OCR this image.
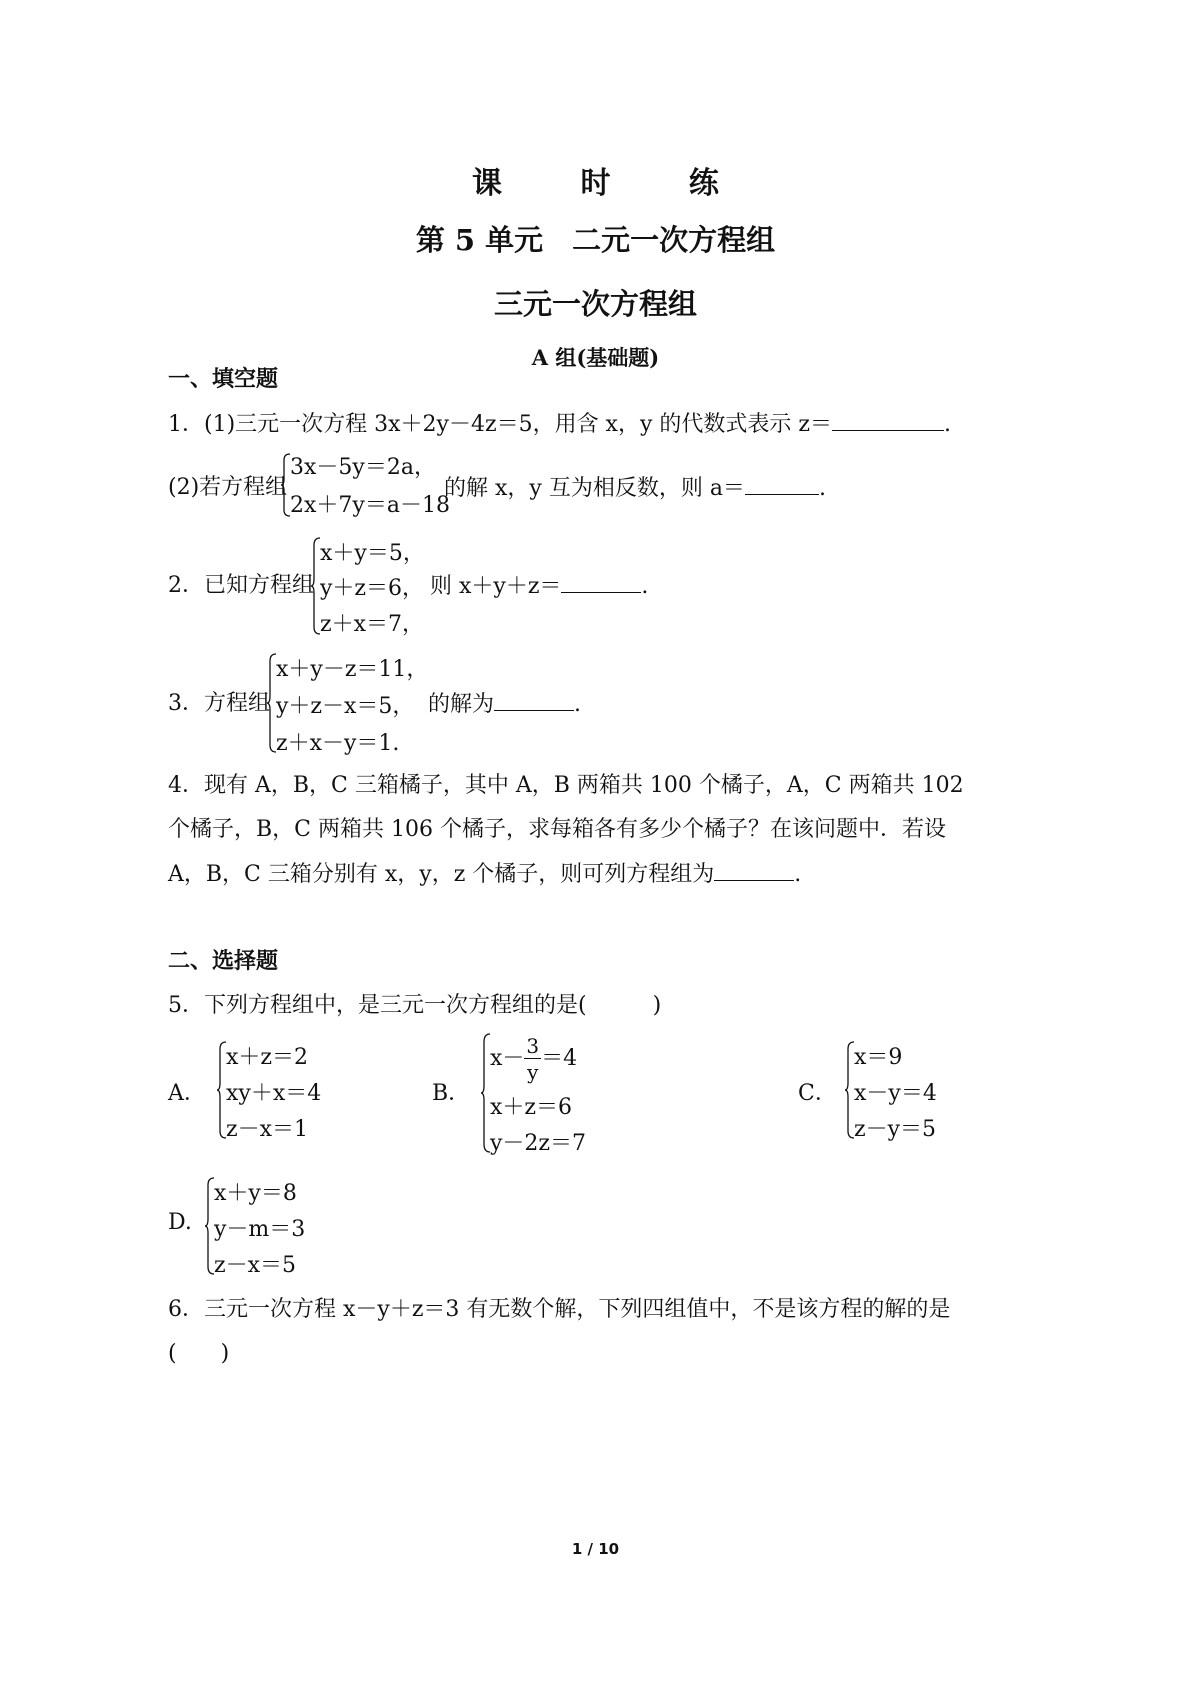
课 时 练
第 5 单元　二元一次方程组
三元一次方程组
A 组(基础题)
一、填空题
1．(1)三元一次方程 3x＋2y－4z＝5，用含 x，y 的代数式表示 z＝	.
(2)若方程组
3x－5y＝2a，
2x＋7y＝a－18
的解 x，y 互为相反数，则 a＝	.
2．已知方程组
x＋y＝5，
y＋z＝6，
z＋x＝7，
则 x＋y＋z＝	.
3．方程组
x＋y－z＝11，
y＋z－x＝5，
z＋x－y＝1.
的解为	.
4．现有 A，B，C 三箱橘子，其中 A，B 两箱共 100 个橘子，A，C 两箱共 102
个橘子，B，C 两箱共 106 个橘子，求每箱各有多少个橘子？在该问题中．若设
A，B，C 三箱分别有 x，y，z 个橘子，则可列方程组为	.
二、选择题
5．下列方程组中，是三元一次方程组的是(　　　)
A．
x＋z＝2
xy＋x＝4
z－x＝1
B．
$x- \frac{3}{y} =4$
x＋z＝6
y－2z＝7
C．
x＝9
x－y＝4
z－y＝5
D.
x＋y＝8
y－m＝3
z－x＝5
6．三元一次方程 x－y＋z＝3 有无数个解，下列四组值中，不是该方程的解的是
(　　)
1 / 10
